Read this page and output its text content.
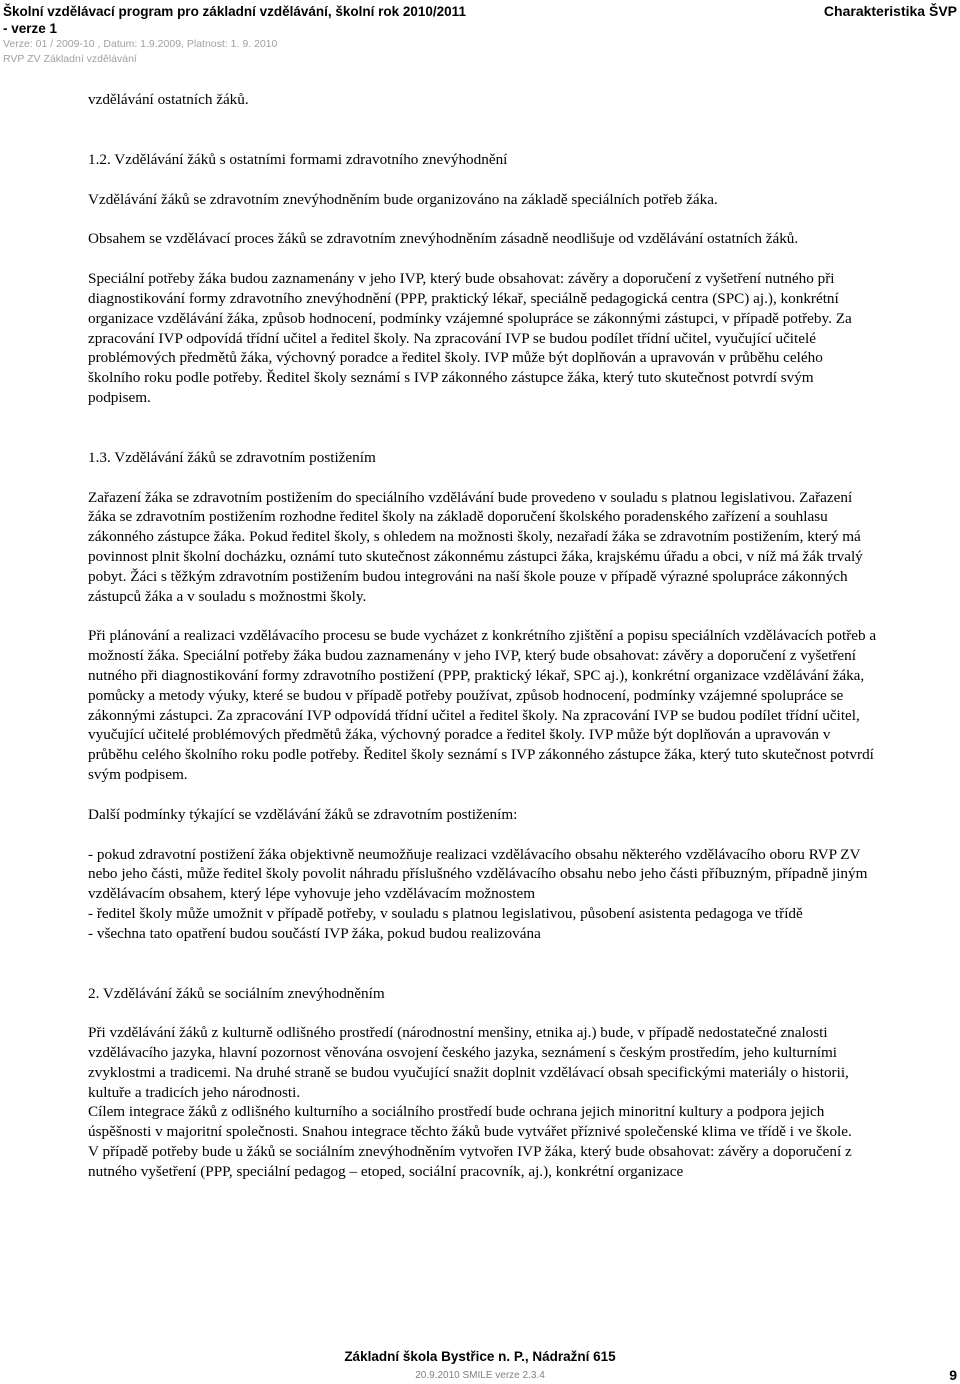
Školní vzdělávací program pro základní vzdělávání, školní rok 2010/2011
- verze 1
Verze: 01 / 2009-10 , Datum: 1.9.2009, Platnost: 1. 9. 2010
RVP ZV Základní vzdělávání
Charakteristika ŠVP

vzdělávání ostatních žáků.

1.2. Vzdělávání žáků s ostatními formami zdravotního znevýhodnění

Vzdělávání žáků se zdravotním znevýhodněním bude organizováno na základě speciálních potřeb žáka.

Obsahem se vzdělávací proces žáků se zdravotním znevýhodněním zásadně neodlišuje od vzdělávání ostatních žáků.

Speciální potřeby žáka budou zaznamenány v jeho IVP, který bude obsahovat: závěry a doporučení z vyšetření nutného při diagnostikování formy zdravotního znevýhodnění (PPP, praktický lékař, speciálně pedagogická centra (SPC) aj.), konkrétní organizace vzdělávání žáka, způsob hodnocení, podmínky vzájemné spolupráce se zákonnými zástupci, v případě potřeby. Za zpracování IVP odpovídá třídní učitel a ředitel školy. Na zpracování IVP se budou podílet třídní učitel, vyučující učitelé problémových předmětů žáka, výchovný poradce a ředitel školy. IVP může být doplňován a upravován v průběhu celého školního roku podle potřeby. Ředitel školy seznámí s IVP zákonného zástupce žáka, který tuto skutečnost potvrdí svým podpisem.

1.3. Vzdělávání žáků se zdravotním postižením

Zařazení žáka se zdravotním postižením do speciálního vzdělávání bude provedeno v souladu s platnou legislativou. Zařazení žáka se zdravotním postižením rozhodne ředitel školy na základě doporučení školského poradenského zařízení a souhlasu zákonného zástupce žáka. Pokud ředitel školy, s ohledem na možnosti školy, nezařadí žáka se zdravotním postižením, který má povinnost plnit školní docházku, oznámí tuto skutečnost zákonnému zástupci žáka, krajskému úřadu a obci, v níž má žák trvalý pobyt. Žáci s těžkým zdravotním postižením budou integrováni na naší škole pouze v případě výrazné spolupráce zákonných zástupců žáka a v souladu s možnostmi školy.

Při plánování a realizaci vzdělávacího procesu se bude vycházet z konkrétního zjištění a popisu speciálních vzdělávacích potřeb a možností žáka. Speciální potřeby žáka budou zaznamenány v jeho IVP, který bude obsahovat: závěry a doporučení z vyšetření nutného při diagnostikování formy zdravotního postižení (PPP, praktický lékař, SPC aj.), konkrétní organizace vzdělávání žáka, pomůcky a metody výuky, které se budou v případě potřeby používat, způsob hodnocení, podmínky vzájemné spolupráce se zákonnými zástupci. Za zpracování IVP odpovídá třídní učitel a ředitel školy. Na zpracování IVP se budou podílet třídní učitel, vyučující učitelé problémových předmětů žáka, výchovný poradce a ředitel školy. IVP může být doplňován a upravován v průběhu celého školního roku podle potřeby. Ředitel školy seznámí s IVP zákonného zástupce žáka, který tuto skutečnost potvrdí svým podpisem.

Další podmínky týkající se vzdělávání žáků se zdravotním postižením:

- pokud zdravotní postižení žáka objektivně neumožňuje realizaci vzdělávacího obsahu některého vzdělávacího oboru RVP ZV nebo jeho části, může ředitel školy povolit náhradu příslušného vzdělávacího obsahu nebo jeho části příbuzným, případně jiným vzdělávacím obsahem, který lépe vyhovuje jeho vzdělávacím možnostem

- ředitel školy může umožnit v případě potřeby, v souladu s platnou legislativou, působení asistenta pedagoga ve třídě

- všechna tato opatření budou součástí IVP žáka, pokud budou realizována

2. Vzdělávání žáků se sociálním znevýhodněním

Při vzdělávání žáků z kulturně odlišného prostředí (národnostní menšiny, etnika aj.) bude, v případě nedostatečné znalosti vzdělávacího jazyka, hlavní pozornost věnována osvojení českého jazyka, seznámení s českým prostředím, jeho kulturními zvyklostmi a tradicemi. Na druhé straně se budou vyučující snažit doplnit vzdělávací obsah specifickými materiály o historii, kultuře a tradicích jeho národnosti.

Cílem integrace žáků z odlišného kulturního a sociálního prostředí bude ochrana jejich minoritní kultury a podpora jejich úspěšnosti v majoritní společnosti. Snahou integrace těchto žáků bude vytvářet příznivé společenské klima ve třídě i ve škole.

V případě potřeby bude u žáků se sociálním znevýhodněním vytvořen IVP žáka, který bude obsahovat: závěry a doporučení z nutného vyšetření (PPP, speciální pedagog – etoped, sociální pracovník, aj.), konkrétní organizace

Základní škola Bystřice n. P., Nádražní 615
20.9.2010 SMILE verze 2.3.4	9
